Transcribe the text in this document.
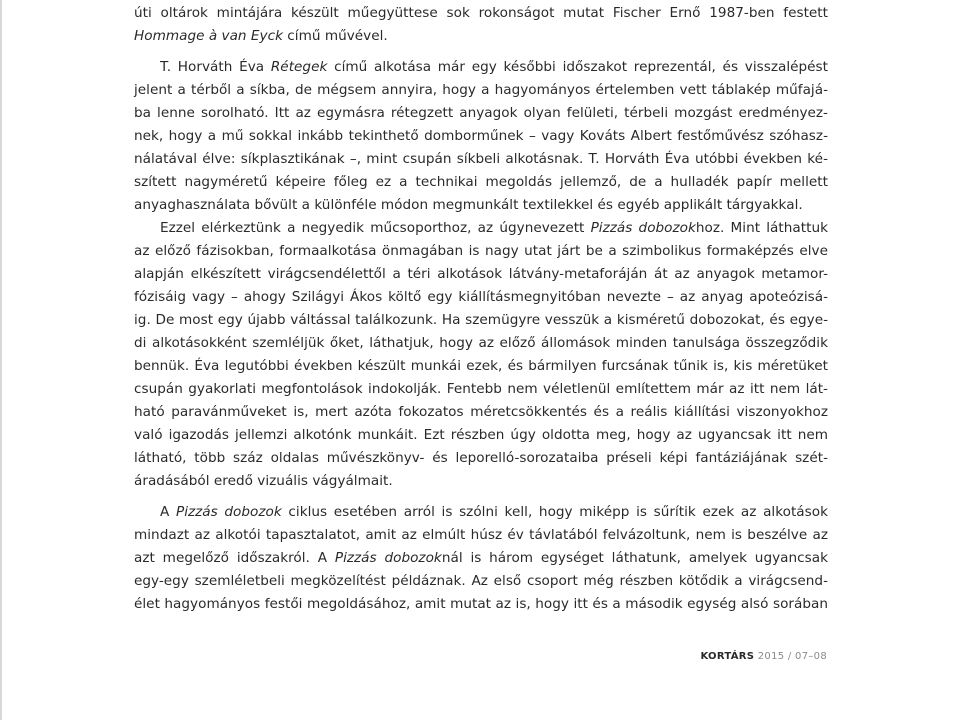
úti oltárok mintájára készült műegyüttese sok rokonságot mutat Fischer Ernő 1987-ben festett
Hommage à van Eyck című művével.
T. Horváth Éva Rétegek című alkotása már egy későbbi időszakot reprezentál, és visszalépést
jelent a térből a síkba, de mégsem annyira, hogy a hagyományos értelemben vett táblakép műfajá-
ba lenne sorolható. Itt az egymásra rétegzett anyagok olyan felületi, térbeli mozgást eredményez-
nek, hogy a mű sokkal inkább tekinthető domborműnek – vagy Kováts Albert festőművész szóhasz-
nálatával élve: síkplasztikának –, mint csupán síkbeli alkotásnak. T. Horváth Éva utóbbi években ké-
szített nagyméretű képeire főleg ez a technikai megoldás jellemző, de a hulladék papír mellett
anyaghasználata bővült a különféle módon megmunkált textilekkel és egyéb applikált tárgyakkal.
Ezzel elérkeztünk a negyedik műcsoporthoz, az úgynevezett Pizzás dobozokhoz. Mint láthattuk
az előző fázisokban, formaalkotása önmagában is nagy utat járt be a szimbolikus formaképzés elve
alapján elkészített virágcsendélettől a téri alkotások látvány-metaforáján át az anyagok metamor-
fózisáig vagy – ahogy Szilágyi Ákos költő egy kiállításmegnyitóban nevezte – az anyag apoteózisá-
ig. De most egy újabb váltással találkozunk. Ha szemügyre vesszük a kisméretű dobozokat, és egye-
di alkotásokként szemléljük őket, láthatjuk, hogy az előző állomások minden tanulsága összegződik
bennük. Éva legutóbbi években készült munkái ezek, és bármilyen furcsának tűnik is, kis méretüket
csupán gyakorlati megfontolások indokolják. Fentebb nem véletlenül említettem már az itt nem lát-
ható paravánműveket is, mert azóta fokozatos méretcsökkentés és a reális kiállítási viszonyokhoz
való igazodás jellemzi alkotónk munkáit. Ezt részben úgy oldotta meg, hogy az ugyancsak itt nem
látható, több száz oldalas művészkönyv- és leporelló-sorozataiba préseli képi fantáziájának szét-
áradásából eredő vizuális vágyálmait.
A Pizzás dobozok ciklus esetében arról is szólni kell, hogy miképp is sűrítik ezek az alkotások
mindazt az alkotói tapasztalatot, amit az elmúlt húsz év távlatából felvázoltunk, nem is beszélve az
azt megelőző időszakról. A Pizzás dobozoknál is három egységet láthatunk, amelyek ugyancsak
egy-egy szemléletbeli megközelítést példáznak. Az első csoport még részben kötődik a virágcsend-
élet hagyományos festői megoldásához, amit mutat az is, hogy itt és a második egység alsó sorában
KORTÁRS 2015 / 07–08
